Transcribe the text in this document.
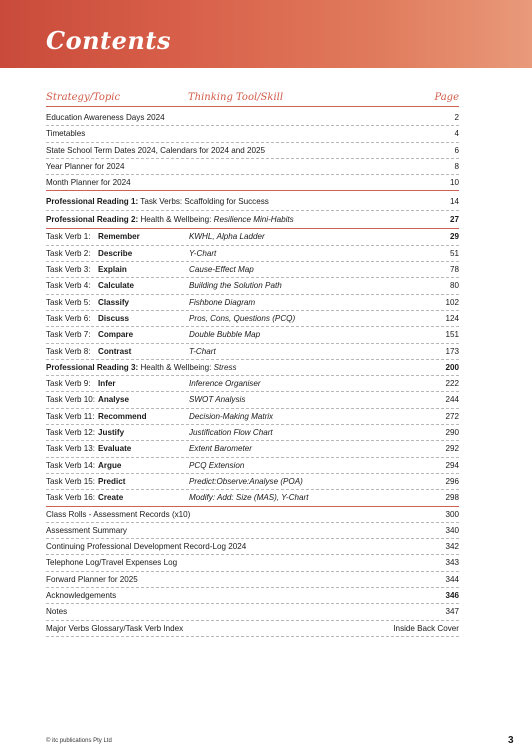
Contents
Strategy/Topic	Thinking Tool/Skill	Page
Education Awareness Days 2024	2
Timetables	4
State School Term Dates 2024, Calendars for 2024 and 2025	6
Year Planner for 2024	8
Month Planner for 2024	10
Professional Reading 1: Task Verbs: Scaffolding for Success	14
Professional Reading 2: Health & Wellbeing: Resilience Mini-Habits	27
Task Verb 1: Remember	KWHL, Alpha Ladder	29
Task Verb 2: Describe	Y-Chart	51
Task Verb 3: Explain	Cause-Effect Map	78
Task Verb 4: Calculate	Building the Solution Path	80
Task Verb 5: Classify	Fishbone Diagram	102
Task Verb 6: Discuss	Pros, Cons, Questions (PCQ)	124
Task Verb 7: Compare	Double Bubble Map	151
Task Verb 8: Contrast	T-Chart	173
Professional Reading 3: Health & Wellbeing: Stress	200
Task Verb 9: Infer	Inference Organiser	222
Task Verb 10: Analyse	SWOT Analysis	244
Task Verb 11: Recommend	Decision-Making Matrix	272
Task Verb 12: Justify	Justification Flow Chart	290
Task Verb 13: Evaluate	Extent Barometer	292
Task Verb 14: Argue	PCQ Extension	294
Task Verb 15: Predict	Predict:Observe:Analyse (POA)	296
Task Verb 16: Create	Modify: Add: Size (MAS), Y-Chart	298
Class Rolls - Assessment Records (x10)	300
Assessment Summary	340
Continuing Professional Development Record-Log 2024	342
Telephone Log/Travel Expenses Log	343
Forward Planner for 2025	344
Acknowledgements	346
Notes	347
Major Verbs Glossary/Task Verb Index	Inside Back Cover
© itc publications Pty Ltd	3
